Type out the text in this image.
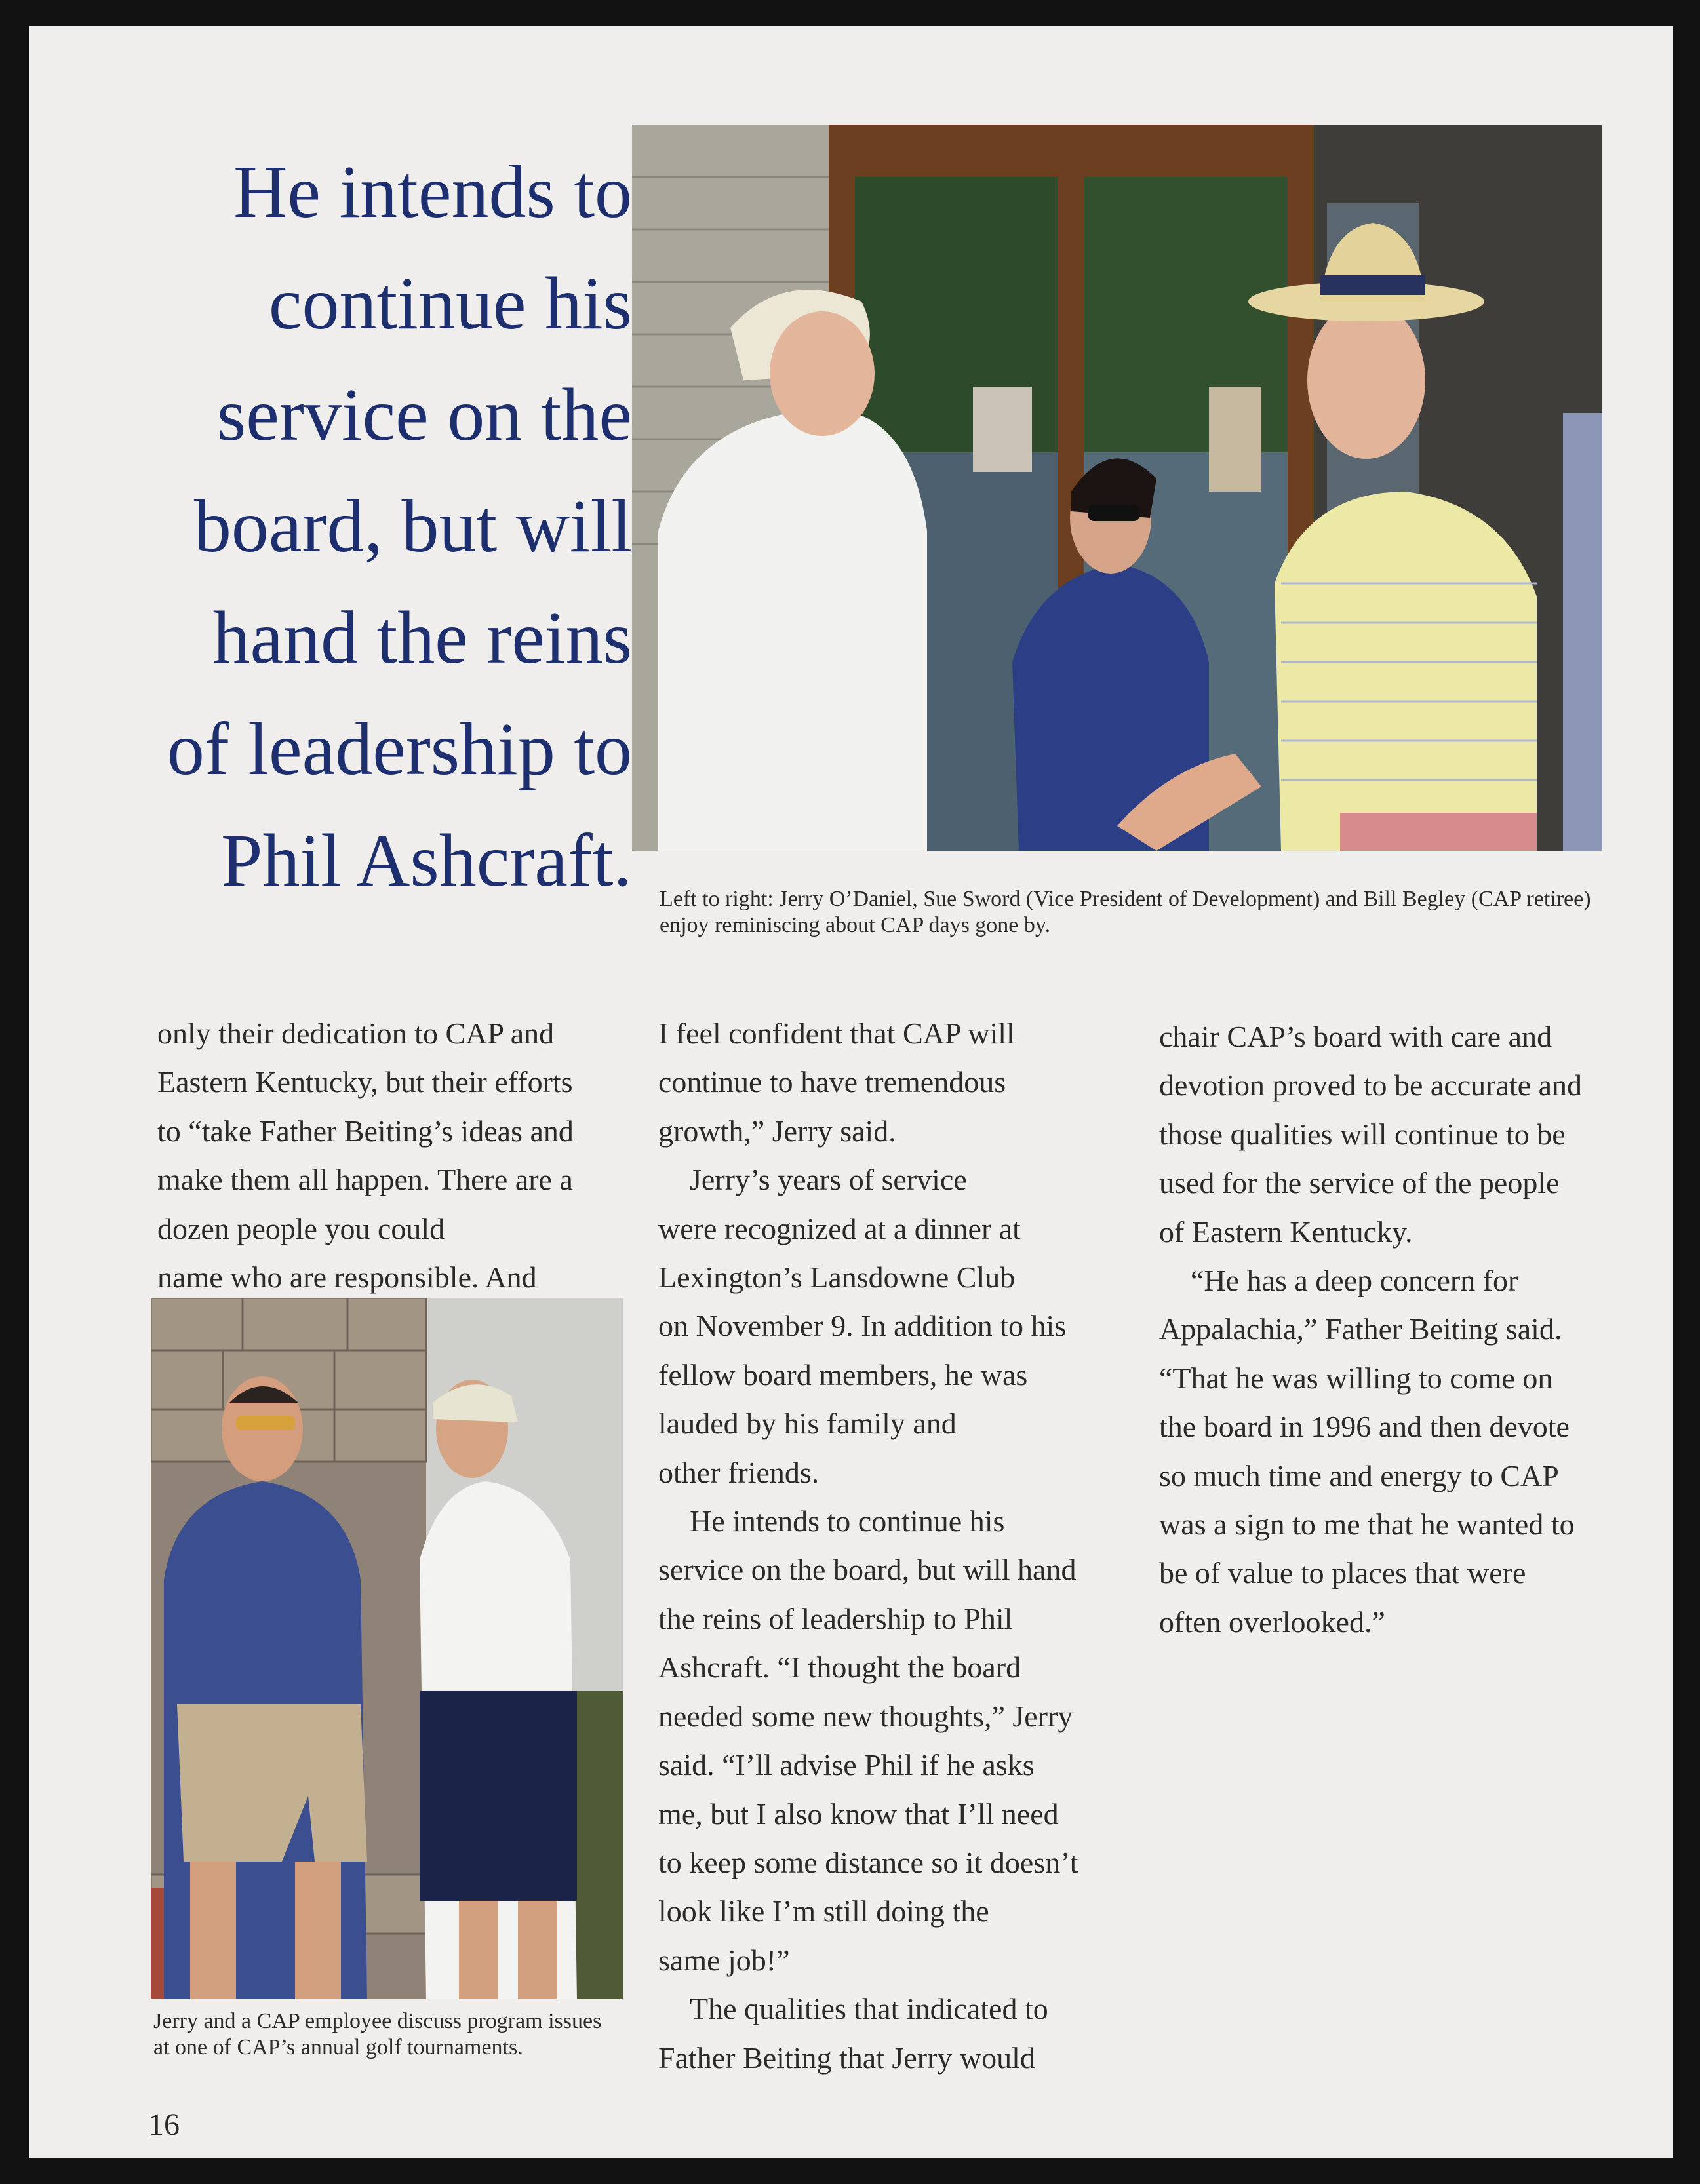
He intends to
continue his
service on the
board, but will
hand the reins
of leadership to
Phil Ashcraft. Left to right: Jerry O’Daniel, Sue Sword (Vice President of Development) and Bill Begley (CAP retiree) enjoy reminiscing about CAP days gone by.
only their dedication to CAP and
Eastern Kentucky, but their efforts
to “take Father Beiting’s ideas and
make them all happen. There are a
dozen people you could
name who are responsible. And
Jerry and a CAP employee discuss program issues at one of CAP’s annual golf tournaments.
I feel confident that CAP will
continue to have tremendous
growth,” Jerry said.
Jerry’s years of service
were recognized at a dinner at
Lexington’s Lansdowne Club
on November 9. In addition to his
fellow board members, he was
lauded by his family and
other friends.
He intends to continue his
service on the board, but will hand
the reins of leadership to Phil
Ashcraft. “I thought the board
needed some new thoughts,” Jerry
said. “I’ll advise Phil if he asks
me, but I also know that I’ll need
to keep some distance so it doesn’t
look like I’m still doing the
same job!”
The qualities that indicated to
Father Beiting that Jerry would
chair CAP’s board with care and
devotion proved to be accurate and
those qualities will continue to be
used for the service of the people
of Eastern Kentucky.
“He has a deep concern for
Appalachia,” Father Beiting said.
“That he was willing to come on
the board in 1996 and then devote
so much time and energy to CAP
was a sign to me that he wanted to
be of value to places that were
often overlooked.”
16
